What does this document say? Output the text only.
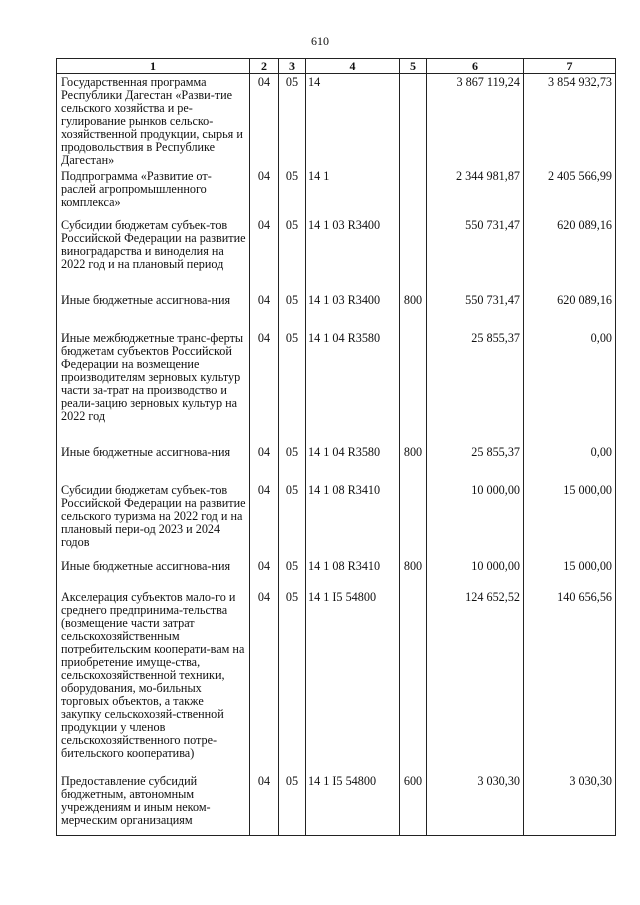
610
1	2	3	4	5	6	7
Государственная программа Республики Дагестан «Разви-тие сельского хозяйства и ре-гулирование рынков сельско-хозяйственной продукции, сырья и продовольствия в Республике Дагестан»	04	05	14		3 867 119,24	3 854 932,73
Подпрограмма «Развитие от-раслей агропромышленного комплекса»	04	05	14 1		2 344 981,87	2 405 566,99
Субсидии бюджетам субъек-тов Российской Федерации на развитие виноградарства и виноделия на 2022 год и на плановый период	04	05	14 1 03 R3400		550 731,47	620 089,16
Иные бюджетные ассигнова-ния	04	05	14 1 03 R3400	800	550 731,47	620 089,16
Иные межбюджетные транс-ферты бюджетам субъектов Российской Федерации на возмещение производителям зерновых культур части за-трат на производство и реали-зацию зерновых культур на 2022 год	04	05	14 1 04 R3580		25 855,37	0,00
Иные бюджетные ассигнова-ния	04	05	14 1 04 R3580	800	25 855,37	0,00
Субсидии бюджетам субъек-тов Российской Федерации на развитие сельского туризма на 2022 год и на плановый пери-од 2023 и 2024 годов	04	05	14 1 08 R3410		10 000,00	15 000,00
Иные бюджетные ассигнова-ния	04	05	14 1 08 R3410	800	10 000,00	15 000,00
Акселерация субъектов мало-го и среднего предпринима-тельства (возмещение части затрат сельскохозяйственным потребительским кооперати-вам на приобретение имуще-ства, сельскохозяйственной техники, оборудования, мо-бильных торговых объектов, а также закупку сельскохозяй-ственной продукции у членов сельскохозяйственного потре-бительского кооператива)	04	05	14 1 I5 54800		124 652,52	140 656,56
Предоставление субсидий бюджетным, автономным учреждениям и иным неком-мерческим организациям	04	05	14 1 I5 54800	600	3 030,30	3 030,30
